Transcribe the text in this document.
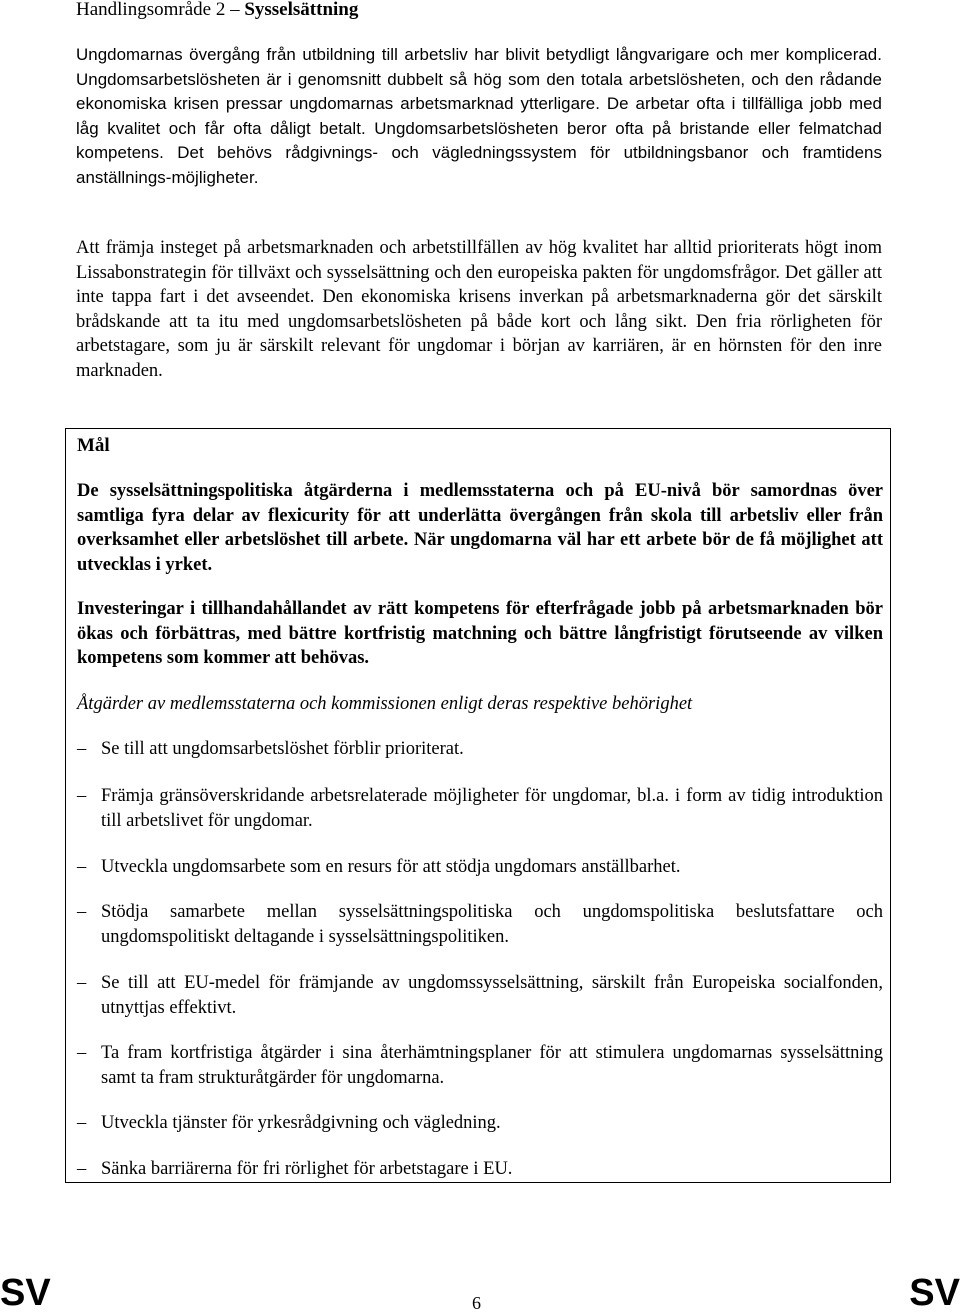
Handlingsområde 2 – Sysselsättning
Ungdomarnas övergång från utbildning till arbetsliv har blivit betydligt långvarigare och mer komplicerad. Ungdomsarbetslösheten är i genomsnitt dubbelt så hög som den totala arbetslösheten, och den rådande ekonomiska krisen pressar ungdomarnas arbetsmarknad ytterligare. De arbetar ofta i tillfälliga jobb med låg kvalitet och får ofta dåligt betalt. Ungdomsarbetslösheten beror ofta på bristande eller felmatchad kompetens. Det behövs rådgivnings- och vägledningssystem för utbildningsbanor och framtidens anställnings-möjligheter.
Att främja insteget på arbetsmarknaden och arbetstillfällen av hög kvalitet har alltid prioriterats högt inom Lissabonstrategin för tillväxt och sysselsättning och den europeiska pakten för ungdomsfrågor. Det gäller att inte tappa fart i det avseendet. Den ekonomiska krisens inverkan på arbetsmarknaderna gör det särskilt brådskande att ta itu med ungdomsarbetslösheten på både kort och lång sikt. Den fria rörligheten för arbetstagare, som ju är särskilt relevant för ungdomar i början av karriären, är en hörnsten för den inre marknaden.
Mål
De sysselsättningspolitiska åtgärderna i medlemsstaterna och på EU-nivå bör samordnas över samtliga fyra delar av flexicurity för att underlätta övergången från skola till arbetsliv eller från overksamhet eller arbetslöshet till arbete. När ungdomarna väl har ett arbete bör de få möjlighet att utvecklas i yrket.
Investeringar i tillhandahållandet av rätt kompetens för efterfrågade jobb på arbetsmarknaden bör ökas och förbättras, med bättre kortfristig matchning och bättre långfristigt förutseende av vilken kompetens som kommer att behövas.
Åtgärder av medlemsstaterna och kommissionen enligt deras respektive behörighet
– Se till att ungdomsarbetslöshet förblir prioriterat.
– Främja gränsöverskridande arbetsrelaterade möjligheter för ungdomar, bl.a. i form av tidig introduktion till arbetslivet för ungdomar.
– Utveckla ungdomsarbete som en resurs för att stödja ungdomars anställbarhet.
– Stödja samarbete mellan sysselsättningspolitiska och ungdomspolitiska beslutsfattare och ungdomspolitiskt deltagande i sysselsättningspolitiken.
– Se till att EU-medel för främjande av ungdomssysselsättning, särskilt från Europeiska socialfonden, utnyttjas effektivt.
– Ta fram kortfristiga åtgärder i sina återhämtningsplaner för att stimulera ungdomarnas sysselsättning samt ta fram strukturåtgärder för ungdomarna.
– Utveckla tjänster för yrkesrådgivning och vägledning.
– Sänka barriärerna för fri rörlighet för arbetstagare i EU.
SV	6	SV
